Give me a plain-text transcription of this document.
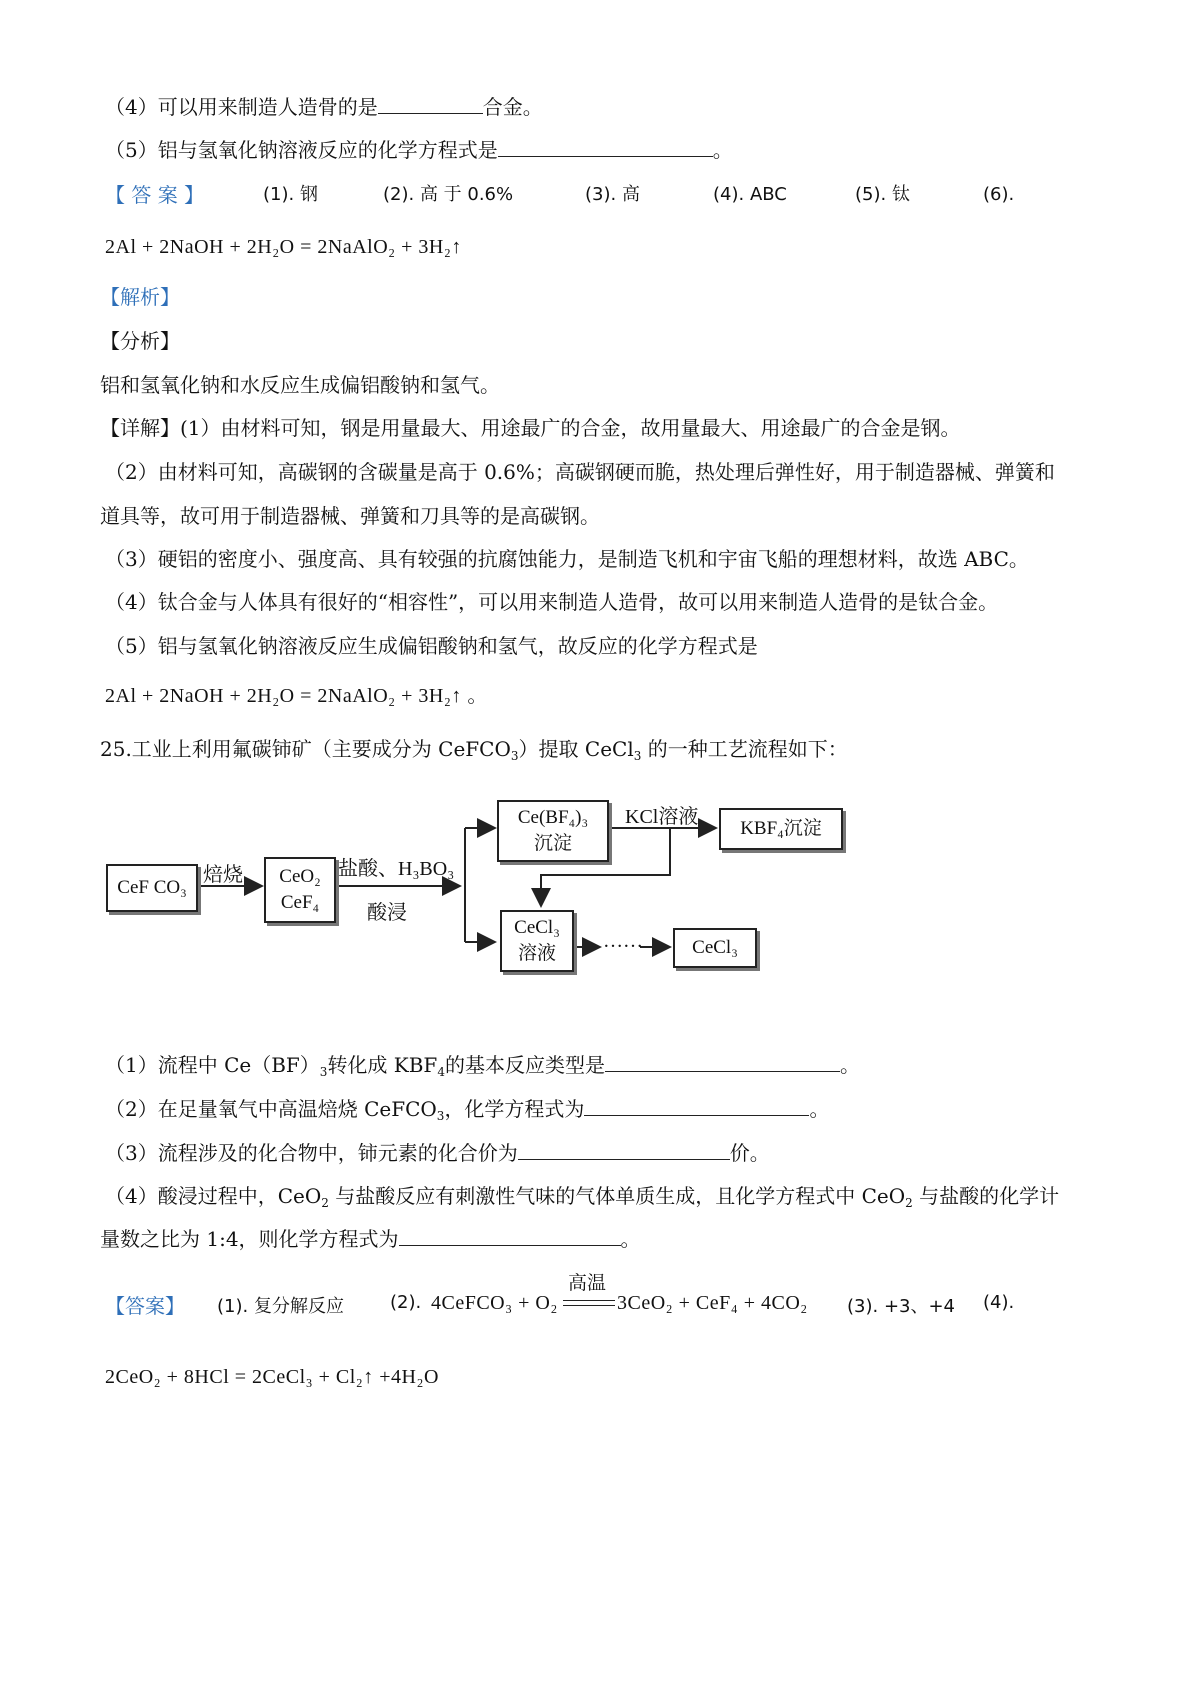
（4）可以用来制造人造骨的是	合金。
（5）铝与氢氧化钠溶液反应的化学方程式是	。
【 答 案 】	(1). 钢	(2). 高 于 0.6%	(3). 高	(4). ABC	(5). 钛	(6).
2Al + 2NaOH + 2H₂O = 2NaAlO₂ + 3H₂↑
【解析】
【分析】
铝和氢氧化钠和水反应生成偏铝酸钠和氢气。
【详解】(1）由材料可知，钢是用量最大、用途最广的合金，故用量最大、用途最广的合金是钢。
（2）由材料可知，高碳钢的含碳量是高于 0.6%；高碳钢硬而脆，热处理后弹性好，用于制造器械、弹簧和
道具等，故可用于制造器械、弹簧和刀具等的是高碳钢。
（3）硬铝的密度小、强度高、具有较强的抗腐蚀能力，是制造飞机和宇宙飞船的理想材料，故选 ABC。
（4）钛合金与人体具有很好的“相容性”，可以用来制造人造骨，故可以用来制造人造骨的是钛合金。
（5）铝与氢氧化钠溶液反应生成偏铝酸钠和氢气，故反应的化学方程式是
2Al + 2NaOH + 2H₂O = 2NaAlO₂ + 3H₂↑ 。
25.工业上利用氟碳铈矿（主要成分为 CeFCO$_3$）提取 CeCl$_3$ 的一种工艺流程如下：
CeF CO₃
CeO₂
CeF₄
Ce(BF₄)₃
沉淀
KBF₄沉淀
CeCl₃
溶液	CeCl₃
焙烧	盐酸、H₃BO₃
酸浸
KCl溶液
……
（1）流程中 $Ce(BF)_3$转化成 $KBF_4$的基本反应类型是	。
（2）在足量氧气中高温焙烧 CeFCO$_3$，化学方程式为	。
（3）流程涉及的化合物中，铈元素的化合价为	价。
（4）酸浸过程中，CeO$_2$ 与盐酸反应有刺激性气味的气体单质生成，且化学方程式中 CeO$_2$ 与盐酸的化学计
量数之比为 1:4，则化学方程式为	。
【答案】 (1). 复分解反应	(2). 4CeFCO₃ + O₂
高温
3CeO₂ + CeF₄ + 4CO₂ (3). +3、+4 (4).
2CeO₂ + 8HCl = 2CeCl₃ + Cl₂↑ +4H₂O
